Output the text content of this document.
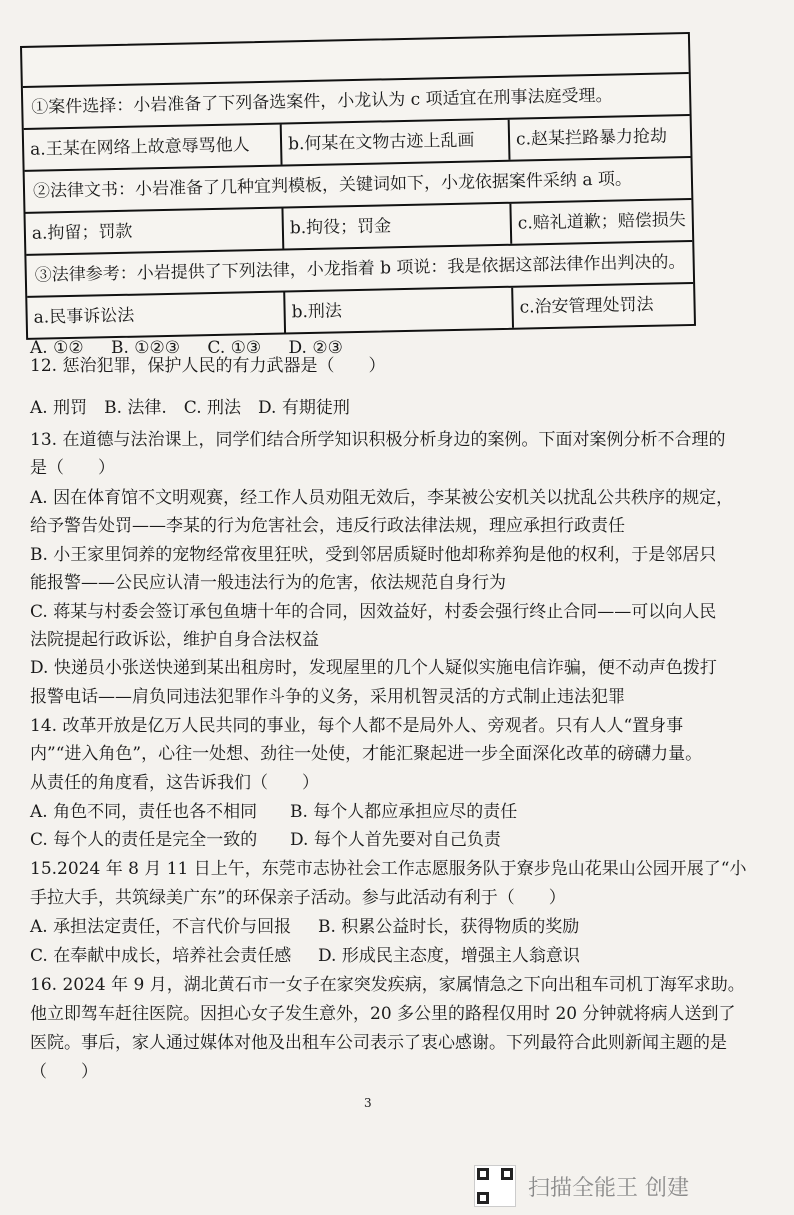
①案件选择：小岩准备了下列备选案件，小龙认为 c 项适宜在刑事法庭受理。
a.王某在网络上故意辱骂他人	b.何某在文物古迹上乱画	c.赵某拦路暴力抢劫
②法律文书：小岩准备了几种宜判模板，关键词如下，小龙依据案件采纳 a 项。
a.拘留；罚款	b.拘役；罚金	c.赔礼道歉；赔偿损失
③法律参考：小岩提供了下列法律，小龙指着 b 项说：我是依据这部法律作出判决的。
a.民事诉讼法	b.刑法	c.治安管理处罚法
A. ①② B. ①②③ C. ①③ D. ②③
12. 惩治犯罪，保护人民的有力武器是（　　）
A. 刑罚　B. 法律.　C. 刑法　D. 有期徒刑
13. 在道德与法治课上，同学们结合所学知识积极分析身边的案例。下面对案例分析不合理的
是（　　）
A. 因在体育馆不文明观赛，经工作人员劝阻无效后，李某被公安机关以扰乱公共秩序的规定，
给予警告处罚——李某的行为危害社会，违反行政法律法规，理应承担行政责任
B. 小王家里饲养的宠物经常夜里狂吠，受到邻居质疑时他却称养狗是他的权利，于是邻居只
能报警——公民应认清一般违法行为的危害，依法规范自身行为
C. 蒋某与村委会签订承包鱼塘十年的合同，因效益好，村委会强行终止合同——可以向人民
法院提起行政诉讼，维护自身合法权益
D. 快递员小张送快递到某出租房时，发现屋里的几个人疑似实施电信诈骗，便不动声色拨打
报警电话——肩负同违法犯罪作斗争的义务，采用机智灵活的方式制止违法犯罪
14. 改革开放是亿万人民共同的事业，每个人都不是局外人、旁观者。只有人人“置身事
内”“进入角色”，心往一处想、劲往一处使，才能汇聚起进一步全面深化改革的磅礴力量。
从责任的角度看，这告诉我们（　　）
A. 角色不同，责任也各不相同	B. 每个人都应承担应尽的责任
C. 每个人的责任是完全一致的	D. 每个人首先要对自己负责
15.2024 年 8 月 11 日上午，东莞市志协社会工作志愿服务队于寮步凫山花果山公园开展了“小
手拉大手，共筑绿美广东”的环保亲子活动。参与此活动有利于（　　）
A. 承担法定责任，不言代价与回报	B. 积累公益时长，获得物质的奖励
C. 在奉献中成长，培养社会责任感	D. 形成民主态度，增强主人翁意识
16. 2024 年 9 月，湖北黄石市一女子在家突发疾病，家属情急之下向出租车司机丁海军求助。
他立即驾车赶往医院。因担心女子发生意外，20 多公里的路程仅用时 20 分钟就将病人送到了
医院。事后，家人通过媒体对他及出租车公司表示了衷心感谢。下列最符合此则新闻主题的是
（　　）
3
扫描全能王 创建
